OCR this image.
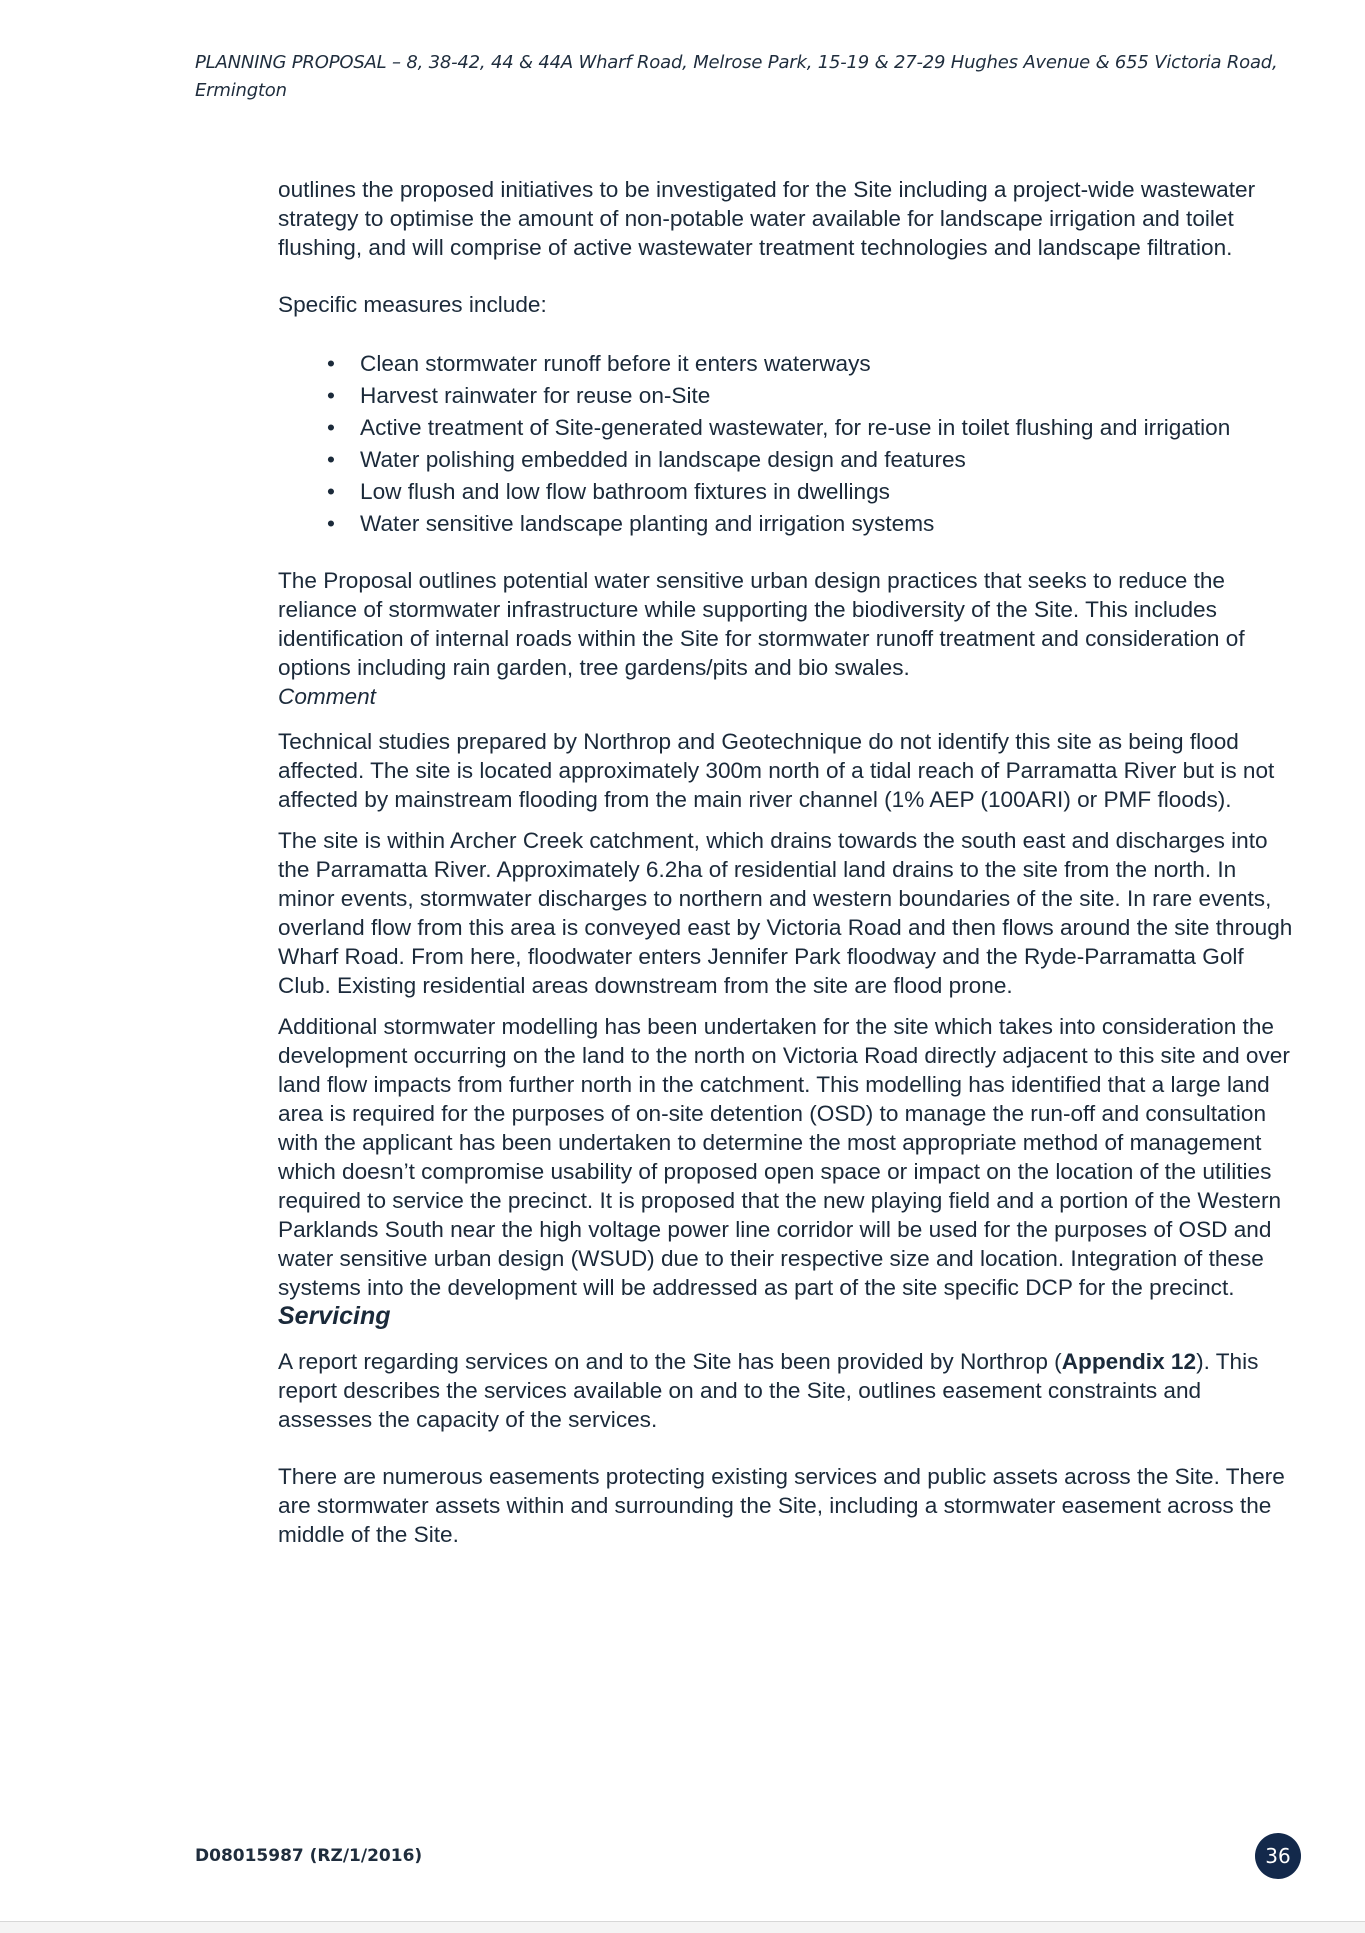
PLANNING PROPOSAL – 8, 38-42, 44 & 44A Wharf Road, Melrose Park, 15-19 & 27-29 Hughes Avenue & 655 Victoria Road, Ermington

outlines the proposed initiatives to be investigated for the Site including a project-wide wastewater strategy to optimise the amount of non-potable water available for landscape irrigation and toilet flushing, and will comprise of active wastewater treatment technologies and landscape filtration.

Specific measures include:

• Clean stormwater runoff before it enters waterways
• Harvest rainwater for reuse on-Site
• Active treatment of Site-generated wastewater, for re-use in toilet flushing and irrigation
• Water polishing embedded in landscape design and features
• Low flush and low flow bathroom fixtures in dwellings
• Water sensitive landscape planting and irrigation systems

The Proposal outlines potential water sensitive urban design practices that seeks to reduce the reliance of stormwater infrastructure while supporting the biodiversity of the Site. This includes identification of internal roads within the Site for stormwater runoff treatment and consideration of options including rain garden, tree gardens/pits and bio swales.

Comment

Technical studies prepared by Northrop and Geotechnique do not identify this site as being flood affected. The site is located approximately 300m north of a tidal reach of Parramatta River but is not affected by mainstream flooding from the main river channel (1% AEP (100ARI) or PMF floods).

The site is within Archer Creek catchment, which drains towards the south east and discharges into the Parramatta River. Approximately 6.2ha of residential land drains to the site from the north. In minor events, stormwater discharges to northern and western boundaries of the site. In rare events, overland flow from this area is conveyed east by Victoria Road and then flows around the site through Wharf Road. From here, floodwater enters Jennifer Park floodway and the Ryde-Parramatta Golf Club. Existing residential areas downstream from the site are flood prone.

Additional stormwater modelling has been undertaken for the site which takes into consideration the development occurring on the land to the north on Victoria Road directly adjacent to this site and over land flow impacts from further north in the catchment. This modelling has identified that a large land area is required for the purposes of on-site detention (OSD) to manage the run-off and consultation with the applicant has been undertaken to determine the most appropriate method of management which doesn’t compromise usability of proposed open space or impact on the location of the utilities required to service the precinct. It is proposed that the new playing field and a portion of the Western Parklands South near the high voltage power line corridor will be used for the purposes of OSD and water sensitive urban design (WSUD) due to their respective size and location. Integration of these systems into the development will be addressed as part of the site specific DCP for the precinct.

Servicing

A report regarding services on and to the Site has been provided by Northrop (Appendix 12). This report describes the services available on and to the Site, outlines easement constraints and assesses the capacity of the services.

There are numerous easements protecting existing services and public assets across the Site. There are stormwater assets within and surrounding the Site, including a stormwater easement across the middle of the Site.

D08015987 (RZ/1/2016)	36
